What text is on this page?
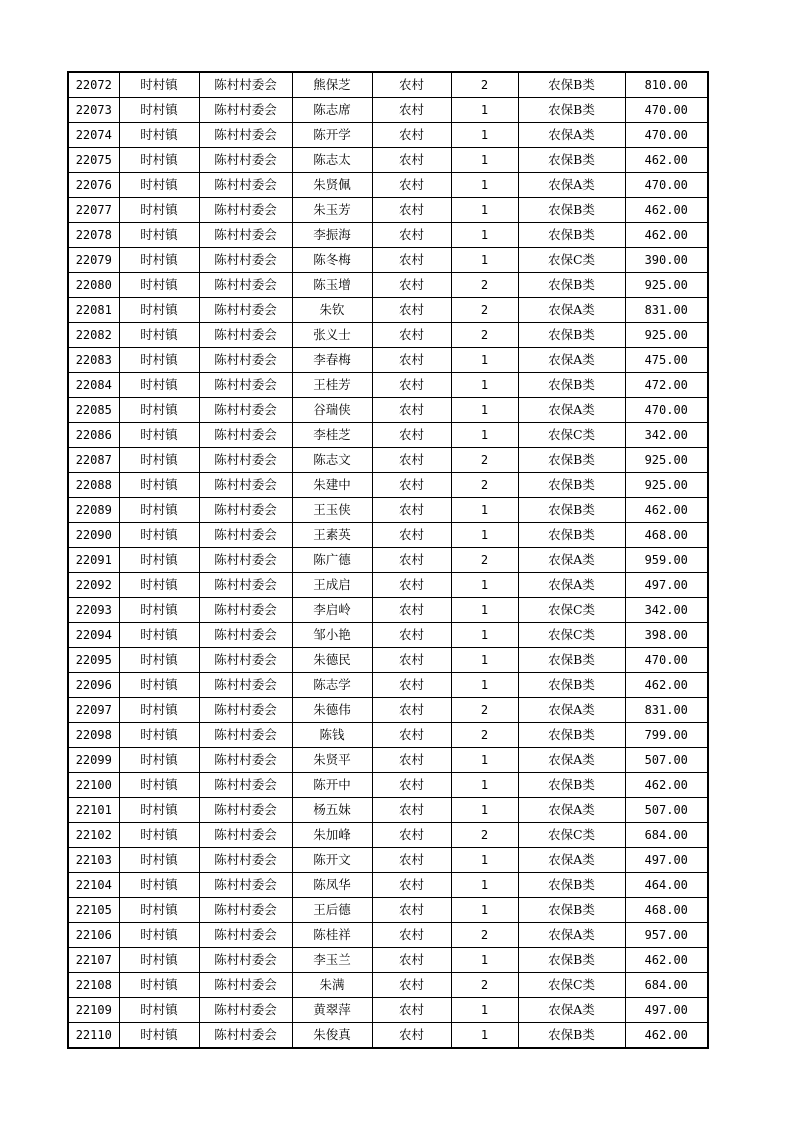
22072	时村镇	陈村村委会	熊保芝	农村	2	农保B类	810.00
22073	时村镇	陈村村委会	陈志席	农村	1	农保B类	470.00
22074	时村镇	陈村村委会	陈开学	农村	1	农保A类	470.00
22075	时村镇	陈村村委会	陈志太	农村	1	农保B类	462.00
22076	时村镇	陈村村委会	朱贤佩	农村	1	农保A类	470.00
22077	时村镇	陈村村委会	朱玉芳	农村	1	农保B类	462.00
22078	时村镇	陈村村委会	李振海	农村	1	农保B类	462.00
22079	时村镇	陈村村委会	陈冬梅	农村	1	农保C类	390.00
22080	时村镇	陈村村委会	陈玉增	农村	2	农保B类	925.00
22081	时村镇	陈村村委会	朱钦	农村	2	农保A类	831.00
22082	时村镇	陈村村委会	张义士	农村	2	农保B类	925.00
22083	时村镇	陈村村委会	李春梅	农村	1	农保A类	475.00
22084	时村镇	陈村村委会	王桂芳	农村	1	农保B类	472.00
22085	时村镇	陈村村委会	谷瑞侠	农村	1	农保A类	470.00
22086	时村镇	陈村村委会	李桂芝	农村	1	农保C类	342.00
22087	时村镇	陈村村委会	陈志文	农村	2	农保B类	925.00
22088	时村镇	陈村村委会	朱建中	农村	2	农保B类	925.00
22089	时村镇	陈村村委会	王玉侠	农村	1	农保B类	462.00
22090	时村镇	陈村村委会	王素英	农村	1	农保B类	468.00
22091	时村镇	陈村村委会	陈广德	农村	2	农保A类	959.00
22092	时村镇	陈村村委会	王成启	农村	1	农保A类	497.00
22093	时村镇	陈村村委会	李启岭	农村	1	农保C类	342.00
22094	时村镇	陈村村委会	邹小艳	农村	1	农保C类	398.00
22095	时村镇	陈村村委会	朱德民	农村	1	农保B类	470.00
22096	时村镇	陈村村委会	陈志学	农村	1	农保B类	462.00
22097	时村镇	陈村村委会	朱德伟	农村	2	农保A类	831.00
22098	时村镇	陈村村委会	陈钱	农村	2	农保B类	799.00
22099	时村镇	陈村村委会	朱贤平	农村	1	农保A类	507.00
22100	时村镇	陈村村委会	陈开中	农村	1	农保B类	462.00
22101	时村镇	陈村村委会	杨五妹	农村	1	农保A类	507.00
22102	时村镇	陈村村委会	朱加峰	农村	2	农保C类	684.00
22103	时村镇	陈村村委会	陈开文	农村	1	农保A类	497.00
22104	时村镇	陈村村委会	陈凤华	农村	1	农保B类	464.00
22105	时村镇	陈村村委会	王后德	农村	1	农保B类	468.00
22106	时村镇	陈村村委会	陈桂祥	农村	2	农保A类	957.00
22107	时村镇	陈村村委会	李玉兰	农村	1	农保B类	462.00
22108	时村镇	陈村村委会	朱满	农村	2	农保C类	684.00
22109	时村镇	陈村村委会	黄翠萍	农村	1	农保A类	497.00
22110	时村镇	陈村村委会	朱俊真	农村	1	农保B类	462.00
